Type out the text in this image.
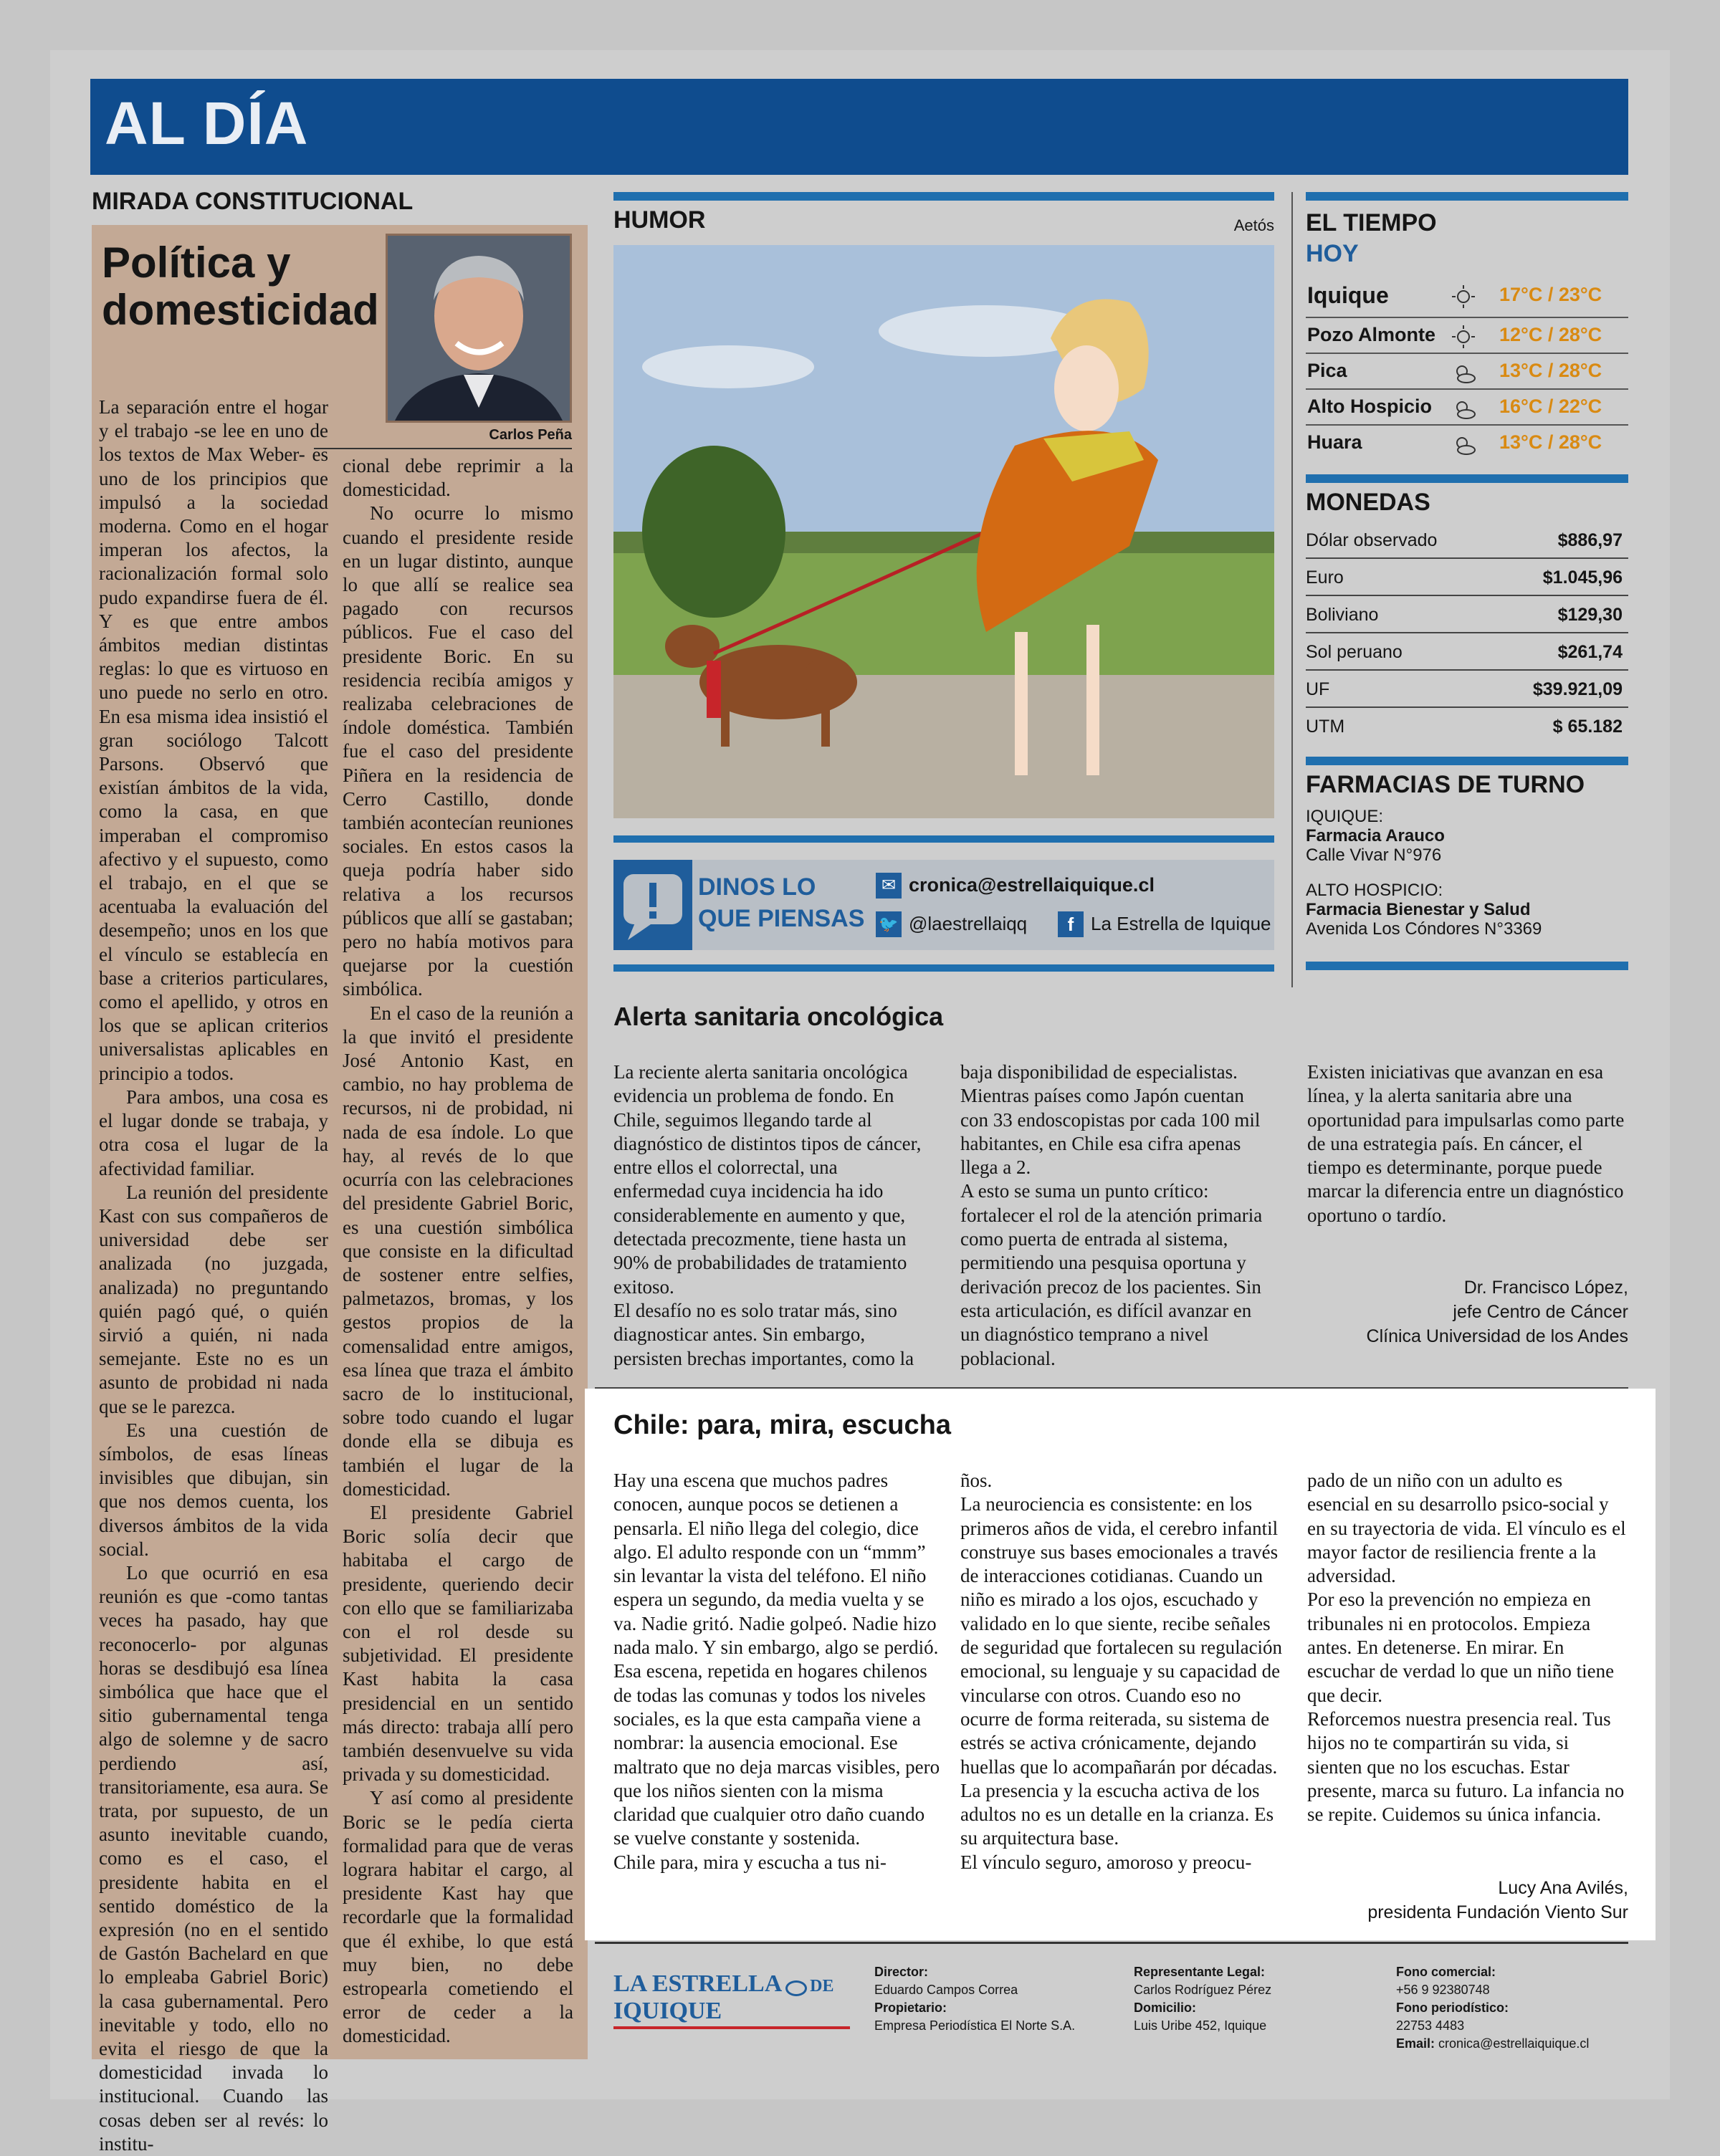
AL DÍA
MIRADA CONSTITUCIONAL
Política y
domesticidad
Carlos Peña

La separación entre el hogar y el trabajo -se lee en uno de los textos de Max Weber- es uno de los principios que impulsó a la sociedad moderna. Como en el hogar imperan los afectos, la racionalización formal solo pudo expandirse fuera de él. Y es que entre ambos ámbitos median distintas reglas: lo que es virtuoso en uno puede no serlo en otro. En esa misma idea insistió el gran sociólogo Talcott Parsons. Observó que existían ámbitos de la vida, como la casa, en que imperaban el compromiso afectivo y el supuesto, como el trabajo, en el que se acentuaba la evaluación del desempeño; unos en los que el vínculo se establecía en base a criterios particulares, como el apellido, y otros en los que se aplican criterios universalistas aplicables en principio a todos.

Para ambos, una cosa es el lugar donde se trabaja, y otra cosa el lugar de la afectividad familiar.

La reunión del presidente Kast con sus compañeros de universidad debe ser analizada (no juzgada, analizada) no preguntando quién pagó qué, o quién sirvió a quién, ni nada semejante. Este no es un asunto de probidad ni nada que se le parezca.

Es una cuestión de símbolos, de esas líneas invisibles que dibujan, sin que nos demos cuenta, los diversos ámbitos de la vida social.

Lo que ocurrió en esa reunión es que -como tantas veces ha pasado, hay que reconocerlo- por algunas horas se desdibujó esa línea simbólica que hace que el sitio gubernamental tenga algo de solemne y de sacro perdiendo así, transitoriamente, esa aura. Se trata, por supuesto, de un asunto inevitable cuando, como es el caso, el presidente habita en el sentido doméstico de la expresión (no en el sentido de Gastón Bachelard en que lo empleaba Gabriel Boric) la casa gubernamental. Pero inevitable y todo, ello no evita el riesgo de que la domesticidad invada lo institucional. Cuando las cosas deben ser al revés: lo institu-

cional debe reprimir a la domesticidad.

No ocurre lo mismo cuando el presidente reside en un lugar distinto, aunque lo que allí se realice sea pagado con recursos públicos. Fue el caso del presidente Boric. En su residencia recibía amigos y realizaba celebraciones de índole doméstica. También fue el caso del presidente Piñera en la residencia de Cerro Castillo, donde también acontecían reuniones sociales. En estos casos la queja podría haber sido relativa a los recursos públicos que allí se gastaban; pero no había motivos para quejarse por la cuestión simbólica.

En el caso de la reunión a la que invitó el presidente José Antonio Kast, en cambio, no hay problema de recursos, ni de probidad, ni nada de esa índole. Lo que hay, al revés de lo que ocurría con las celebraciones del presidente Gabriel Boric, es una cuestión simbólica que consiste en la dificultad de sostener entre selfies, palmetazos, bromas, y los gestos propios de la comensalidad entre amigos, esa línea que traza el ámbito sacro de lo institucional, sobre todo cuando el lugar donde ella se dibuja es también el lugar de la domesticidad.

El presidente Gabriel Boric solía decir que habitaba el cargo de presidente, queriendo decir con ello que se familiarizaba con el rol desde su subjetividad. El presidente Kast habita la casa presidencial en un sentido más directo: trabaja allí pero también desenvuelve su vida privada y su domesticidad.

Y así como al presidente Boric se le pedía cierta formalidad para que de veras lograra habitar el cargo, al presidente Kast hay que recordarle que la formalidad que él exhibe, lo que está muy bien, no debe estropearla cometiendo el error de ceder a la domesticidad.

HUMOR	Aetós
DINOS LO
QUE PIENSAS
✉ cronica@estrellaiquique.cl
🐦 @laestrellaiqq	f La Estrella de Iquique
EL TIEMPO
HOY
Iquique	17°C / 23°C
Pozo Almonte	12°C / 28°C
Pica	13°C / 28°C
Alto Hospicio	16°C / 22°C
Huara	13°C / 28°C
MONEDAS
Dólar observado	$886,97
Euro	$1.045,96
Boliviano	$129,30
Sol peruano	$261,74
UF	$39.921,09
UTM	$ 65.182
FARMACIAS DE TURNO
IQUIQUE:
Farmacia Arauco
Calle Vivar N°976
ALTO HOSPICIO:
Farmacia Bienestar y Salud
Avenida Los Cóndores N°3369
Alerta sanitaria oncológica
La reciente alerta sanitaria oncológica evidencia un problema de fondo. En Chile, seguimos llegando tarde al diagnóstico de distintos tipos de cáncer, entre ellos el colorrectal, una enfermedad cuya incidencia ha ido considerablemente en aumento y que, detectada precozmente, tiene hasta un 90% de probabilidades de tratamiento exitoso.
El desafío no es solo tratar más, sino diagnosticar antes. Sin embargo, persisten brechas importantes, como la
baja disponibilidad de especialistas. Mientras países como Japón cuentan con 33 endoscopistas por cada 100 mil habitantes, en Chile esa cifra apenas llega a 2.
A esto se suma un punto crítico: fortalecer el rol de la atención primaria como puerta de entrada al sistema, permitiendo una pesquisa oportuna y derivación precoz de los pacientes. Sin esta articulación, es difícil avanzar en un diagnóstico temprano a nivel poblacional.
Existen iniciativas que avanzan en esa línea, y la alerta sanitaria abre una oportunidad para impulsarlas como parte de una estrategia país. En cáncer, el tiempo es determinante, porque puede marcar la diferencia entre un diagnóstico oportuno o tardío.
Dr. Francisco López,
jefe Centro de Cáncer
Clínica Universidad de los Andes
Chile: para, mira, escucha
Hay una escena que muchos padres conocen, aunque pocos se detienen a pensarla. El niño llega del colegio, dice algo. El adulto responde con un “mmm” sin levantar la vista del teléfono. El niño espera un segundo, da media vuelta y se va. Nadie gritó. Nadie golpeó. Nadie hizo nada malo. Y sin embargo, algo se perdió.
Esa escena, repetida en hogares chilenos de todas las comunas y todos los niveles sociales, es la que esta campaña viene a nombrar: la ausencia emocional. Ese maltrato que no deja marcas visibles, pero que los niños sienten con la misma claridad que cualquier otro daño cuando se vuelve constante y sostenida.
Chile para, mira y escucha a tus ni-
ños.
La neurociencia es consistente: en los primeros años de vida, el cerebro infantil construye sus bases emocionales a través de interacciones cotidianas. Cuando un niño es mirado a los ojos, escuchado y validado en lo que siente, recibe señales de seguridad que fortalecen su regulación emocional, su lenguaje y su capacidad de vincularse con otros. Cuando eso no ocurre de forma reiterada, su sistema de estrés se activa crónicamente, dejando huellas que lo acompañarán por décadas. La presencia y la escucha activa de los adultos no es un detalle en la crianza. Es su arquitectura base.
El vínculo seguro, amoroso y preocu-
pado de un niño con un adulto es esencial en su desarrollo psico-social y en su trayectoria de vida. El vínculo es el mayor factor de resiliencia frente a la adversidad.
Por eso la prevención no empieza en tribunales ni en protocolos. Empieza antes. En detenerse. En mirar. En escuchar de verdad lo que un niño tiene que decir.
Reforcemos nuestra presencia real. Tus hijos no te compartirán su vida, si sienten que no los escuchas. Estar presente, marca su futuro. La infancia no se repite. Cuidemos su única infancia.
Lucy Ana Avilés,
presidenta Fundación Viento Sur
LA ESTRELLA DE IQUIQUE
Director:
Eduardo Campos Correa
Propietario:
Empresa Periodística El Norte S.A.
Representante Legal:
Carlos Rodríguez Pérez
Domicilio:
Luis Uribe 452, Iquique
Fono comercial:
+56 9 92380748
Fono periodístico:
22753 4483
Email: cronica@estrellaiquique.cl
